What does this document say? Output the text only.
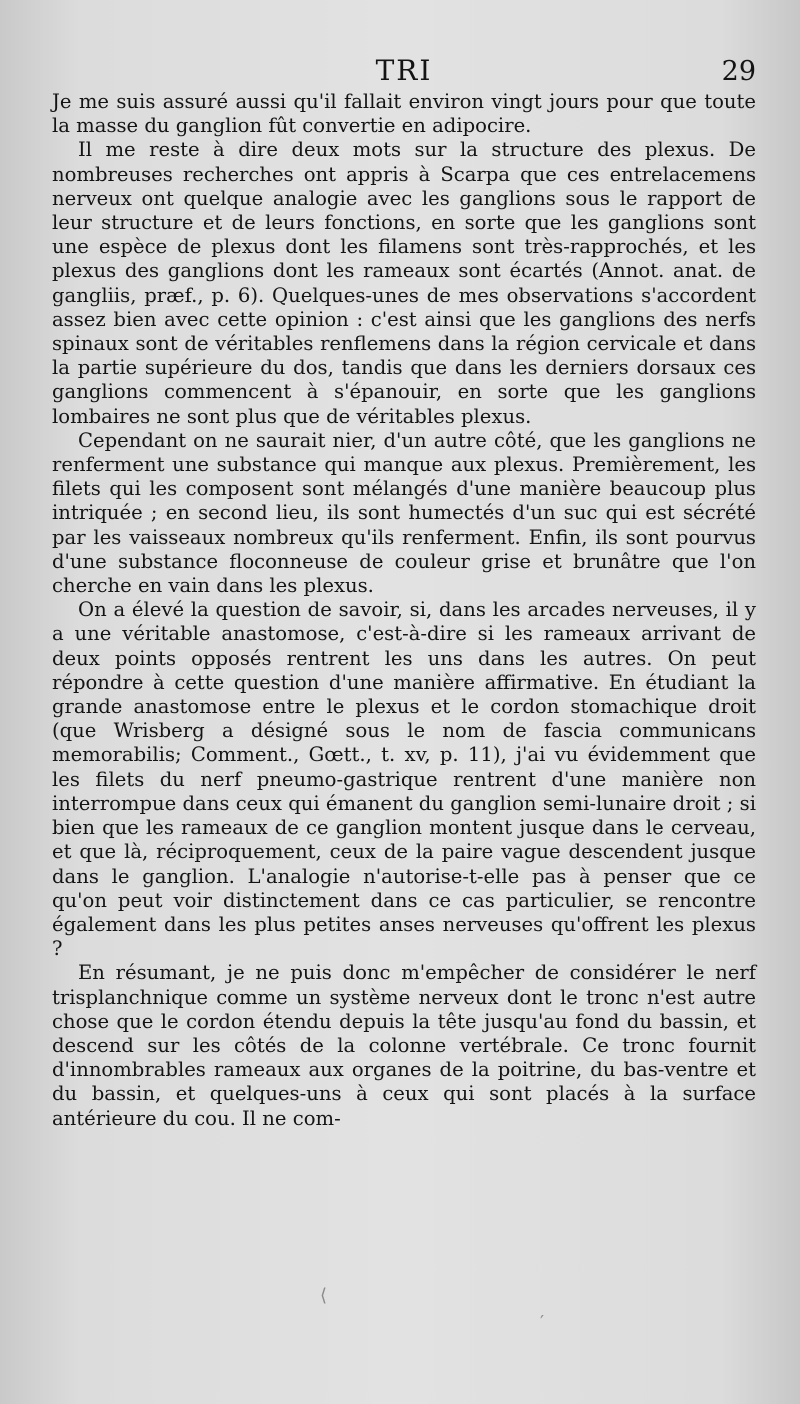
TRI	29

Je me suis assuré aussi qu'il fallait environ vingt jours pour que toute la masse du ganglion fût convertie en adipocire.

Il me reste à dire deux mots sur la structure des plexus. De nombreuses recherches ont appris à Scarpa que ces entrelacemens nerveux ont quelque analogie avec les ganglions sous le rapport de leur structure et de leurs fonctions, en sorte que les ganglions sont une espèce de plexus dont les filamens sont très-rapprochés, et les plexus des ganglions dont les rameaux sont écartés (Annot. anat. de gangliis, præf., p. 6). Quelques-unes de mes observations s'accordent assez bien avec cette opinion : c'est ainsi que les ganglions des nerfs spinaux sont de véritables renflemens dans la région cervicale et dans la partie supérieure du dos, tandis que dans les derniers dorsaux ces ganglions commencent à s'épanouir, en sorte que les ganglions lombaires ne sont plus que de véritables plexus.

Cependant on ne saurait nier, d'un autre côté, que les ganglions ne renferment une substance qui manque aux plexus. Premièrement, les filets qui les composent sont mélangés d'une manière beaucoup plus intriquée ; en second lieu, ils sont humectés d'un suc qui est sécrété par les vaisseaux nombreux qu'ils renferment. Enfin, ils sont pourvus d'une substance floconneuse de couleur grise et brunâtre que l'on cherche en vain dans les plexus.

On a élevé la question de savoir, si, dans les arcades nerveuses, il y a une véritable anastomose, c'est-à-dire si les rameaux arrivant de deux points opposés rentrent les uns dans les autres. On peut répondre à cette question d'une manière affirmative. En étudiant la grande anastomose entre le plexus et le cordon stomachique droit (que Wrisberg a désigné sous le nom de fascia communicans memorabilis; Comment., Gœtt., t. xv, p. 11), j'ai vu évidemment que les filets du nerf pneumo-gastrique rentrent d'une manière non interrompue dans ceux qui émanent du ganglion semi-lunaire droit ; si bien que les rameaux de ce ganglion montent jusque dans le cerveau, et que là, réciproquement, ceux de la paire vague descendent jusque dans le ganglion. L'analogie n'autorise-t-elle pas à penser que ce qu'on peut voir distinctement dans ce cas particulier, se rencontre également dans les plus petites anses nerveuses qu'offrent les plexus ?

En résumant, je ne puis donc m'empêcher de considérer le nerf trisplanchnique comme un système nerveux dont le tronc n'est autre chose que le cordon étendu depuis la tête jusqu'au fond du bassin, et descend sur les côtés de la colonne vertébrale. Ce tronc fournit d'innombrables rameaux aux organes de la poitrine, du bas-ventre et du bassin, et quelques-uns à ceux qui sont placés à la surface antérieure du cou. Il ne com-

⟨
′
